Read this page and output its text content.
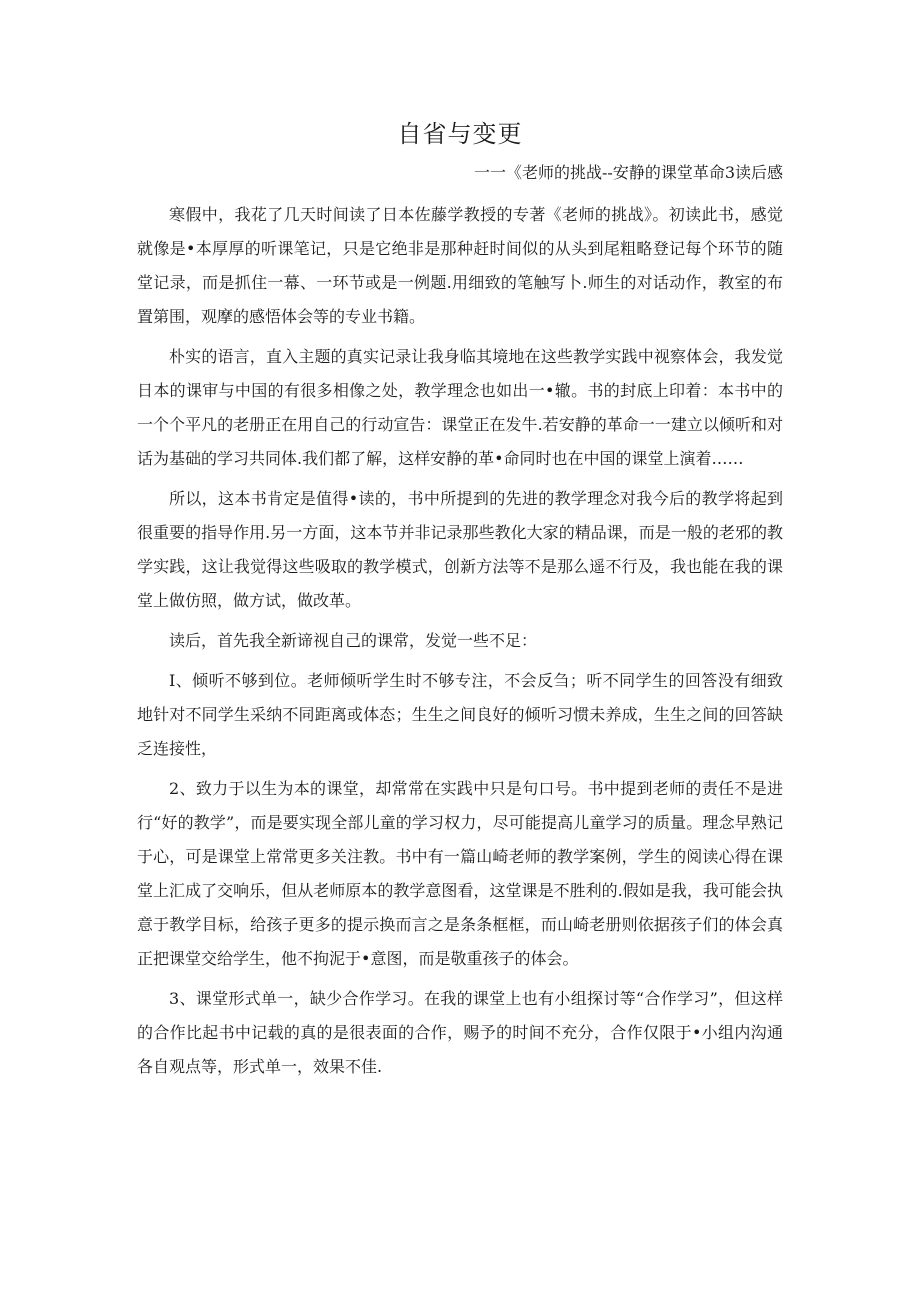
自省与变更

一一《老师的挑战--安静的课堂革命3读后感

寒假中，我花了几天时间读了日本佐藤学教授的专著《老师的挑战》。初读此书，感觉就像是•本厚厚的听课笔记，只是它绝非是那种赶时间似的从头到尾粗略登记每个环节的随堂记录，而是抓住一幕、一环节或是一例题.用细致的笔触写卜.师生的对话动作，教室的布置第围，观摩的感悟体会等的专业书籍。

朴实的语言，直入主题的真实记录让我身临其境地在这些教学实践中视察体会，我发觉日本的课审与中国的有很多相像之处，教学理念也如出一•辙。书的封底上印着：本书中的一个个平凡的老册正在用自己的行动宣告：课堂正在发牛.若安静的革命一一建立以倾听和对话为基础的学习共同体.我们都了解，这样安静的革•命同时也在中国的课堂上演着……

所以，这本书肯定是值得•读的，书中所提到的先进的教学理念对我今后的教学将起到很重要的指导作用.另一方面，这本节并非记录那些教化大家的精品课，而是一般的老邪的教学实践，这让我觉得这些吸取的教学模式，创新方法等不是那么遥不行及，我也能在我的课堂上做仿照，做方试，做改革。

读后，首先我全新谛视自己的课常，发觉一些不足：

I、倾听不够到位。老师倾听学生时不够专注，不会反刍；听不同学生的回答没有细致地针对不同学生采纳不同距离或体态；生生之间良好的倾听习惯未养成，生生之间的回答缺乏连接性，

2、致力于以生为本的课堂，却常常在实践中只是句口号。书中提到老师的责任不是进行“好的教学”，而是要实现全部儿童的学习权力，尽可能提高儿童学习的质量。理念早熟记于心，可是课堂上常常更多关注教。书中有一篇山崎老师的教学案例，学生的阅读心得在课堂上汇成了交响乐，但从老师原本的教学意图看，这堂课是不胜利的.假如是我，我可能会执意于教学目标，给孩子更多的提示换而言之是条条框框，而山崎老册则依据孩子们的体会真正把课堂交给学生，他不拘泥于•意图，而是敬重孩子的体会。

3、课堂形式单一，缺少合作学习。在我的课堂上也有小组探讨等“合作学习”，但这样的合作比起书中记载的真的是很表面的合作，赐予的时间不充分，合作仅限于•小组内沟通各自观点等，形式单一，效果不佳.
